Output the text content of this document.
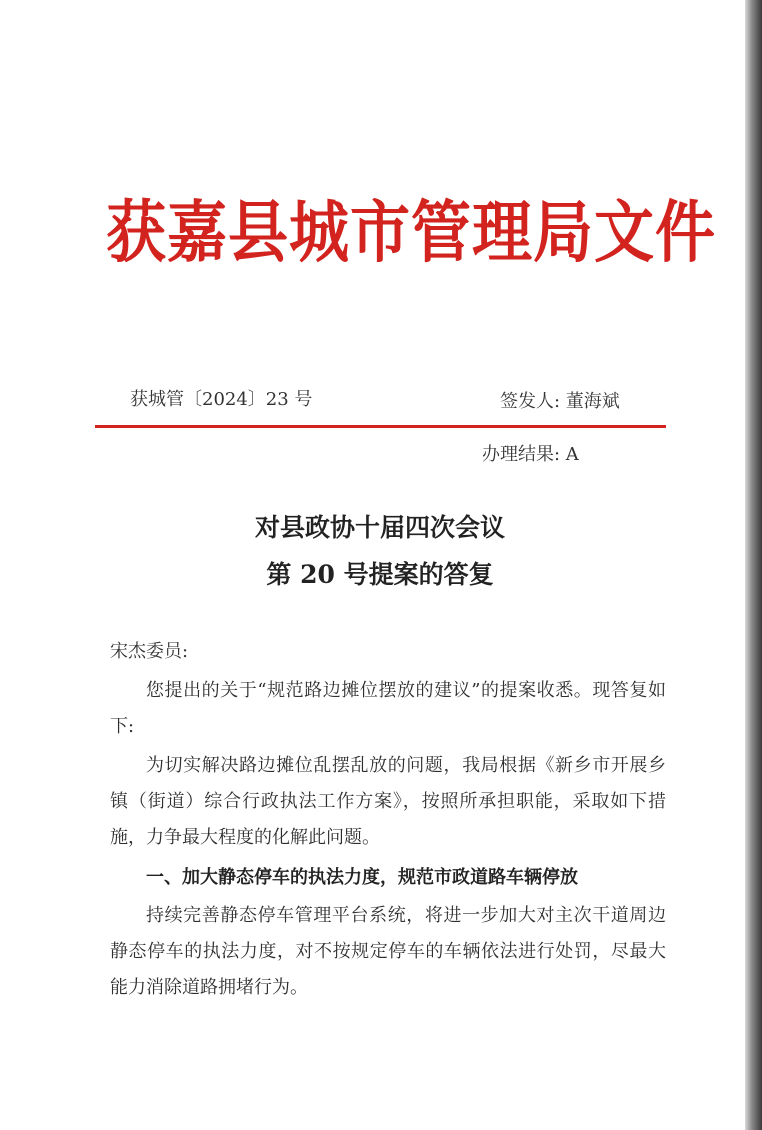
获嘉县城市管理局文件
获城管〔2024〕23 号	签发人: 董海斌
办理结果: A
对县政协十届四次会议
第 20 号提案的答复
宋杰委员:

您提出的关于“规范路边摊位摆放的建议”的提案收悉。现答复如下:

为切实解决路边摊位乱摆乱放的问题，我局根据《新乡市开展乡镇（街道）综合行政执法工作方案》，按照所承担职能，采取如下措施，力争最大程度的化解此问题。

一、加大静态停车的执法力度，规范市政道路车辆停放

持续完善静态停车管理平台系统，将进一步加大对主次干道周边静态停车的执法力度，对不按规定停车的车辆依法进行处罚，尽最大能力消除道路拥堵行为。
